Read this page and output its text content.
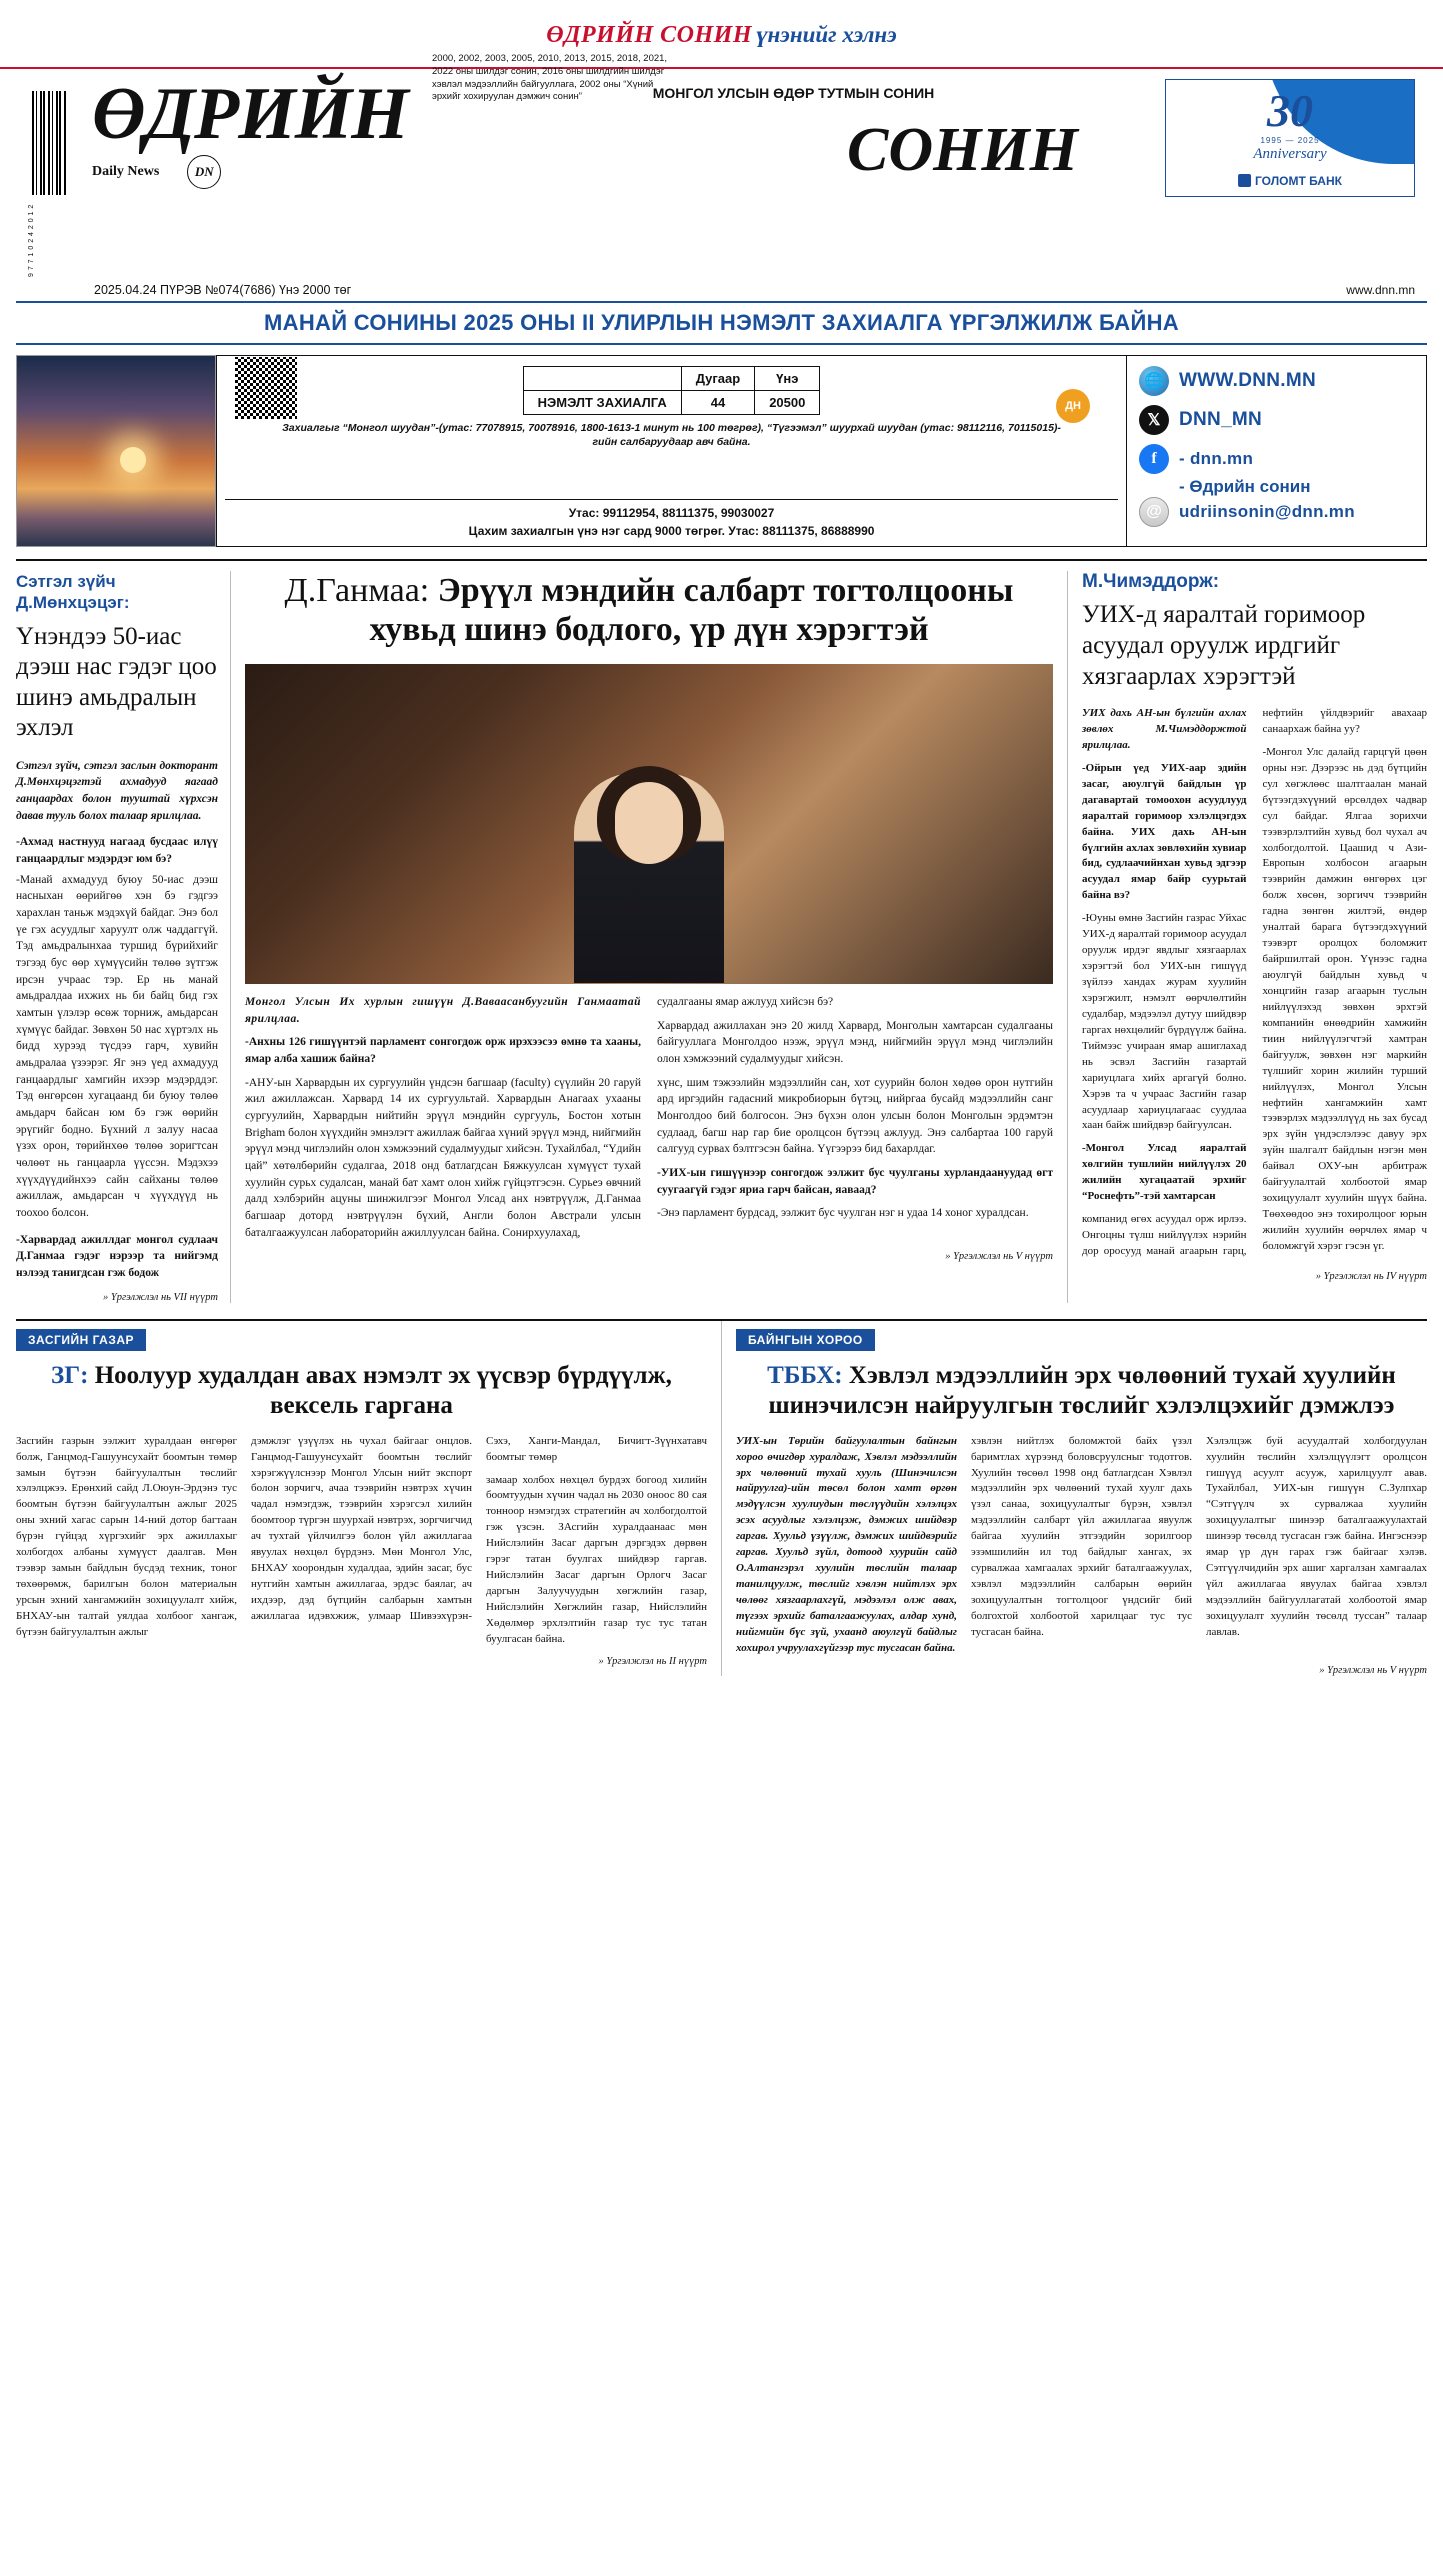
ӨДРИЙН СОНИН үнэнийг хэлнэ
9 7 7 1 0 2 4 2 0 1 2
ӨДРИЙН
Daily News	DN
МОНГОЛ УЛСЫН ӨДӨР ТУТМЫН СОНИН
2000, 2002, 2003, 2005, 2010, 2013, 2015, 2018, 2021, 2022 оны шилдэг сонин, 2016 оны шилдгийн шилдэг хэвлэл мэдээллийн байгууллага, 2002 оны “Хүний эрхийг хохируулан дэмжич сонин”
СОНИН
30
1995 — 2025
Anniversary
ГОЛОМТ БАНК
2025.04.24 ПҮРЭВ №074(7686) Үнэ 2000 төг	www.dnn.mn
МАНАЙ СОНИНЫ 2025 ОНЫ II УЛИРЛЫН НЭМЭЛТ ЗАХИАЛГА ҮРГЭЛЖИЛЖ БАЙНА
	Дугаар	Үнэ
НЭМЭЛТ ЗАХИАЛГА	44	20500
Захиалгыг “Монгол шуудан”-(утас: 77078915, 70078916, 1800-1613-1 минут нь 100 төгрөг), “Түгээмэл” шуурхай шуудан (утас: 98112116, 70115015)-гийн салбаруудаар авч байна.
ДН
Утас: 99112954, 88111375, 99030027
Цахим захиалгын үнэ нэг сард 9000 төгрөг. Утас: 88111375, 86888990
🌐 WWW.DNN.MN
𝕏 DNN_MN
f	- dnn.mn
- Өдрийн сонин
@	udriinsonin@dnn.mn
Сэтгэл зүйч Д.Мөнхцэцэг:
Үнэндээ 50-иас дээш нас гэдэг цоо шинэ амьдралын эхлэл
Сэтгэл зүйч, сэтгэл заслын докторант Д.Мөнхцэцэгтэй ахмадууд яагаад ганцаардах болон тууштай хүрхсэн давав тууль болох талаар ярилцлаа.
-Ахмад настнууд нагаад бусдаас илүү ганцаардлыг мэдэрдэг юм бэ?
-Манай ахмадууд буюу 50-иас дээш насныхан өөрийгөө хэн бэ гэдгээ харахлан таньж мэдэхүй байдаг. Энэ бол үе гэх асуудлыг харуулт олж чаддаггүй. Тэд амьдралынхаа туршид бүрийхийг тэгээд бус өөр хүмүүсийн төлөө зүтгэж ирсэн учраас тэр. Ер нь манай амьдралдаа ихжих нь би байц бид гэх хамтын үлэлэр өсөж торниж, амьдарсан хүмүүс байдаг. Зөвхөн 50 нас хүртэлх нь бидд хурээд түсдээ гарч, хувийн амьдралаа үзээрэг. Яг энэ үед ахмадууд ганцаардлыг хамгийн ихээр мэдэрддэг. Тэд өнгөрсөн хугацаанд би буюу төлөө амьдарч байсан юм бэ гэж өөрийн эрүгийг бодно. Бүхний л залуу насаа үзэх орон, төрийнхөө төлөө зоригтсан чөлөөт нь ганцаарла үүссэн. Мэдэхээ хүүхдүүдийнхээ сайн сайханы төлөө ажиллаж, амьдарсан ч хүүхдүүд нь тоохоо болсон.
-Харвардад ажиллдаг монгол судлаач Д.Ганмаа гэдэг нэрээр та нийгэмд нэлээд танигдсан гэж бодож
» Үргэлжлэл нь VII нүүрт
Д.Ганмаа: Эрүүл мэндийн салбарт тогтолцооны хувьд шинэ бодлого, үр дүн хэрэгтэй

Монгол Улсын Их хурлын гишүүн Д.Ваваасанбуугийн Ганмаатай ярилцлаа.

-Анхны 126 гишүүнтэй парламент сонгогдож орж ирэхээсээ өмнө та хааны, ямар алба хашиж байна?

-АНУ-ын Харвардын их сургуулийн үндсэн багшаар (faculty) сүүлийн 20 гаруй жил ажиллажсан. Харвард 14 их сургуультай. Харвардын Анагаах ухааны сургуулийн, Харвардын нийтийн эрүүл мэндийн сургууль, Бостон хотын Brigham болон хүүхдийн эмнэлэгт ажиллаж байгаа хүний эрүүл мэнд, нийгмийн эрүүл мэнд чиглэлийн олон хэмжээний судалмуудыг хийсэн. Тухайлбал, “Үдийн цай” хөтөлбөрийн судалгаа, 2018 онд батлагдсан Бяжкуулсан хүмүүст тухай хуулийн сурьх судалсан, манай бат хамт олон хийж гүйцэтгэсэн. Сурьеэ өвчний далд хэлбэрийн ацуны шинжилгээг Монгол Улсад анх нэвтрүүлж, Д.Ганмаа багшаар доторд нэвтрүүлэн бүхий, Англи болон Австрали улсын баталгаажуулсан лабораторийн ажиллуулсан байна. Сонирхуулахад,

судалгааны ямар ажлууд хийсэн бэ?

Харвардад ажиллахан энэ 20 жилд Харвард, Монголын хамтарсан судалгааны байгууллага Монголдоо нээж, эрүүл мэнд, нийгмийн эрүүл мэнд чиглэлийн олон хэмжээний судалмуудыг хийсэн.

хүнс, шим тэжээлийн мэдээллийн сан, хот суурийн болон хөдөө орон нутгийн ард иргэдийн гадасний микробиорын бүтэц, нийргаа бусайд мэдээллийн санг Монголдоо бий болгосон. Энэ бүхэн олон улсын болон Монголын эрдэмтэн судлаад, багш нар гар бие оролцсон бүтээц ажлууд. Энэ салбартаа 100 гаруй салгууд сурвах бэлтгэсэн байна. Үүгээрээ бид бахарлдаг.

-УИХ-ын гишүүнээр сонгогдож ээлжит бус чуулганы хурландаануудад өгт суугаагүй гэдэг яриа гарч байсан, яаваад?

-Энэ парламент бурдсад, ээлжит бус чуулган нэг н удаа 14 хоног хуралдсан.

» Үргэлжлэл нь V нүүрт
М.Чимэддорж:
УИХ-д яаралтай горимоор асуудал оруулж ирдгийг хязгаарлах хэрэгтэй

УИХ дахь АН-ын бүлгийн ахлах зөвлөх М.Чимэддоржтой ярилцлаа.

-Ойрын үед УИХ-аар эдийн засаг, аюулгүй байдлын үр дагавартай томоохон асуудлууд яаралтай горимоор хэлэлцэгдэх байна. УИХ дахь АН-ын бүлгийн ахлах зөвлөхийн хувиар бид, судлаачийнхан хувьд эдгээр асуудал ямар байр суурьтай байна вэ?

-Юуны өмнө Засгийн газрас Уйхас УИХ-д яаралтай горимоор асуудал оруулж ирдэг явдлыг хязгаарлах хэрэгтэй бол УИХ-ын гишүүд зүйлээ хандах журам хуулийн хэрэгжилт, нэмэлт өөрчлөлтийн судалбар, мэдээлэл дутуу шийдвэр гаргах нөхцөлийг бүрдүүлж байна. Тиймээс учираан ямар ашиглахад нь эсвэл Засгийн газартай хариуцлага хийх аргагүй болно. Хэрэв та ч учраас Засгийн газар асуудлаар хариуцлагаас суудлаа хаан байж шийдвэр байгуулсан.

-Монгол Улсад яаралтай хөлгийн тушлийн нийлүүлэх 20 жилийн хугацаатай эрхийг “Роснефть”-тэй хамтарсан

компанид өгөх асуудал орж ирлээ. Онгоцны түлш нийлүүлэх нэрийн дор оросууд манай агаарын гарц, нефтийн үйлдвэрийг авахаар санаархаж байна уу?

-Монгол Улс далайд гарцгүй цөөн орны нэг. Дээрээс нь дэд бүтцийн сул хөгжлөөс шалтгаалан манай бүтээгдэхүүний өрсөлдөх чадвар сул байдаг. Ялгаа зорихчи тээвэрлэлтийн хувьд бол чухал ач холбогдолтой. Цаашид ч Ази-Европын холбосон агаарын тээврийн дамжин өнгөрөх цэг болж хөсөн, зоргичч тээврийн гадна зөнгөн жилтэй, өндөр уналтай барага бүтээгдэхүүний тээвэрт оролцох боломжит байршилтай орон. Үүнээс гадна аюулгүй байдлын хувьд ч хонцгийн газар агаарын туслын нийлүүлэхэд зөвхөн эрхтэй компанийн өнөөдрийн хамжийн тиин нийлүүлэгчтэй хамтран байгуулж, зөвхөн нэг маркийн түлшийг хорин жилийн турший нийлүүлэх, Монгол Улсын нефтийн хангамжийн хамт тээвэрлэх мэдээллүүд нь зах бусад эрх зүйн үндэслэлээс давуу эрх зүйн шалгалт байдлын нэгэн мөн байвал ОХУ-ын арбитраж байгуулалтай холбоотой ямар зохицуулалт хуулийн шүүх байна. Төөхөөдоо энэ тохиролцоог юрын жилийн хуулийн өөрчлөх ямар ч боломжгүй хэрэг гэсэн үг.

» Үргэлжлэл нь IV нүүрт
ЗАСГИЙН ГАЗАР
ЗГ: Ноолуур худалдан авах нэмэлт эх үүсвэр бүрдүүлж, вексель гаргана

Засгийн газрын ээлжит хуралдаан өнгөрөг болж, Ганцмод-Гашуунсухайт боомтын төмөр замын бүтээн байгуулалтын төслийг хэлэлцжээ. Ерөнхий сайд Л.Оюун-Эрдэнэ тус боомтын бүтээн байгуулалтын ажлыг 2025 оны эхний хагас сарын 14-ний дотор багтаан бүрэн гүйцэд хүргэхийг эрх ажиллахыг холбогдох албаны хүмүүст даалгав. Мөн тээвэр замын байдлын бусдэд техник, тоног төхөөрөмж, барилгын болон материалын урсын эхний хангамжийн зохицуулалт хийж, БНХАУ-ын талтай уялдаа холбоог хангаж, бүтээн байгуулалтын ажлыг

дэмжлэг үзүүлэх нь чухал байгааг онцлов. Ганцмод-Гашуунсухайт боомтын төслийг хэрэгжүүлснээр Монгол Улсын нийт экспорт болон зорчигч, ачаа тээврийн нэвтрэх хүчин чадал нэмэгдэж, тээврийн хэрэгсэл хилийн боомтоор түргэн шуурхай нэвтрэх, зоргчигчид ач тухтай үйлчилгээ болон үйл ажиллагаа явуулах нөхцөл бүрдэнэ. Мөн Монгол Улс, БНХАУ хоорондын худалдаа, эдийн засаг, бус нутгийн хамтын ажиллагаа, эрдэс баялаг, ач ихдээр, дэд бүтцийн салбарын хамтын ажиллагаа идэвхжиж, улмаар Шивээхүрэн-Сэхэ, Ханги-Мандал, Бичигт-Зүүнхатавч боомтыг төмөр

замаар холбох нөхцөл бурдэх богоод хилийн боомтуудын хүчин чадал нь 2030 оноос 80 сая тонноор нэмэгдэх стратегийн ач холбогдолтой гэж үзсэн. ЗАсгийн хуралдаанаас мөн Нийслэлийн Засаг даргын дэргэдэх дөрвөн гэрэг татан буулгах шийдвэр гаргав. Нийслэлийн Засаг даргын Орлогч Засаг даргын Залуучуудын хөгжлийн газар, Нийслэлийн Хөгжлийн газар, Нийслэлийн Хөдөлмөр эрхлэлтийн газар тус тус татан буулгасан байна.

» Үргэлжлэл нь II нүүрт
БАЙНГЫН ХОРОО
ТББХ: Хэвлэл мэдээллийн эрх чөлөөний тухай хуулийн шинэчилсэн найруулгын төслийг хэлэлцэхийг дэмжлээ

УИХ-ын Төрийн байгуулалтын байнгын хороо өчигдөр хуралдаж, Хэвлэл мэдээллийн эрх чөлөөний тухай хууль (Шинэчилсэн найруулга)-ийн төсөл болон хамт өргөн мэдүүлсэн хуулиудын төслүүдийн хэлэлцэх эсэх асуудлыг хэлэлцэж, дэмжих шийдвэр гаргав. Хуульд үзүүлж, дэмжих шийдвэрийг гаргав. Хуульд зүйл, дотоод хуурийн сайд О.Алтангэрэл хуулийн төслийн талаар танилцуулж, төслийг хэвлэн нийтлэх эрх чөлөөг хязгаарлахгүй, мэдээлэл олж авах, түгээх эрхийг баталгаажуулах, алдар хунд, нийгмийн бүс зүй, ухаанд аюулгүй байдлыг хохирол учруулахгүйгээр тус тусгасан байна.

хэвлэн нийтлэх боломжтой байх үзэл баримтлах хүрээнд боловсруулсныг тодотгов. Хуулийн төсөөл 1998 онд батлагдсан Хэвлэл мэдээллийн эрх чөлөөний тухай хуулг дахь үзэл санаа, зохицуулалтыг бүрэн, хэвлэл мэдээллийн салбарт үйл ажиллагаа явуулж байгаа хуулийн этгээдийн зорилгоор эзэмшилийн ил тод байдлыг хангах, эх сурвалжаа хамгаалах эрхийг баталгаажуулах, хэвлэл мэдээллийн салбарын өөрийн зохицуулалтын тогтолцоог үндсийг бий болгохтой холбоотой харилцааг тус тус тусгасан байна.

Хэлэлцэж буй асуудалтай холбогдуулан хуулийн төслийн хэлэлцүүлэгт оролцсон гишүүд асуулт асууж, харилцуулт авав. Тухайлбал, УИХ-ын гишүүн С.Зулпхар “Сэтгүүлч эх сурвалжаа хуулийн зохицуулалтыг шинээр баталгаажуулахтай шинээр төсөлд тусгасан гэж байна. Ингэснээр ямар үр дүн гарах гэж байгааг хэлэв. Сэтгүүлчидийн эрх ашиг харгалзан хамгаалах үйл ажиллагаа явуулах байгаа хэвлэл мэдээллийн байгууллагатай холбоотой ямар зохицуулалт хуулийн төсөлд туссан” талаар лавлав.

» Үргэлжлэл нь V нүүрт
